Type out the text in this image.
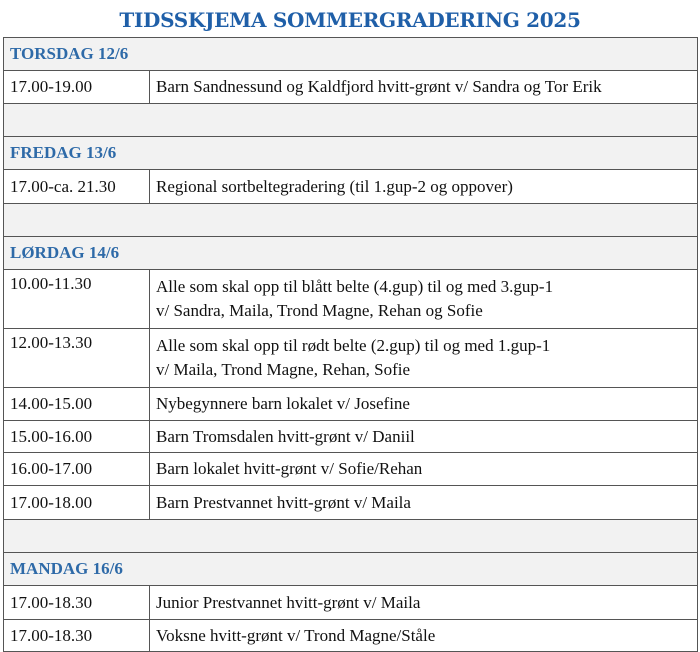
TIDSSKJEMA SOMMERGRADERING 2025
TORSDAG 12/6	
17.00-19.00	Barn Sandnessund og Kaldfjord hvitt-grønt v/ Sandra og Tor Erik

FREDAG 13/6	
17.00-ca. 21.30	Regional sortbeltegradering (til 1.gup-2 og oppover)

LØRDAG 14/6	
10.00-11.30	Alle som skal opp til blått belte (4.gup) til og med 3.gup-1
v/ Sandra, Maila, Trond Magne, Rehan og Sofie

12.00-13.30	Alle som skal opp til rødt belte (2.gup) til og med 1.gup-1
v/ Maila, Trond Magne, Rehan, Sofie

14.00-15.00	Nybegynnere barn lokalet v/ Josefine

15.00-16.00	Barn Tromsdalen hvitt-grønt v/ Daniil

16.00-17.00	Barn lokalet hvitt-grønt v/ Sofie/Rehan

17.00-18.00	Barn Prestvannet hvitt-grønt v/ Maila

MANDAG 16/6	
17.00-18.30	Junior Prestvannet hvitt-grønt v/ Maila

17.00-18.30	Voksne hvitt-grønt v/ Trond Magne/Ståle
